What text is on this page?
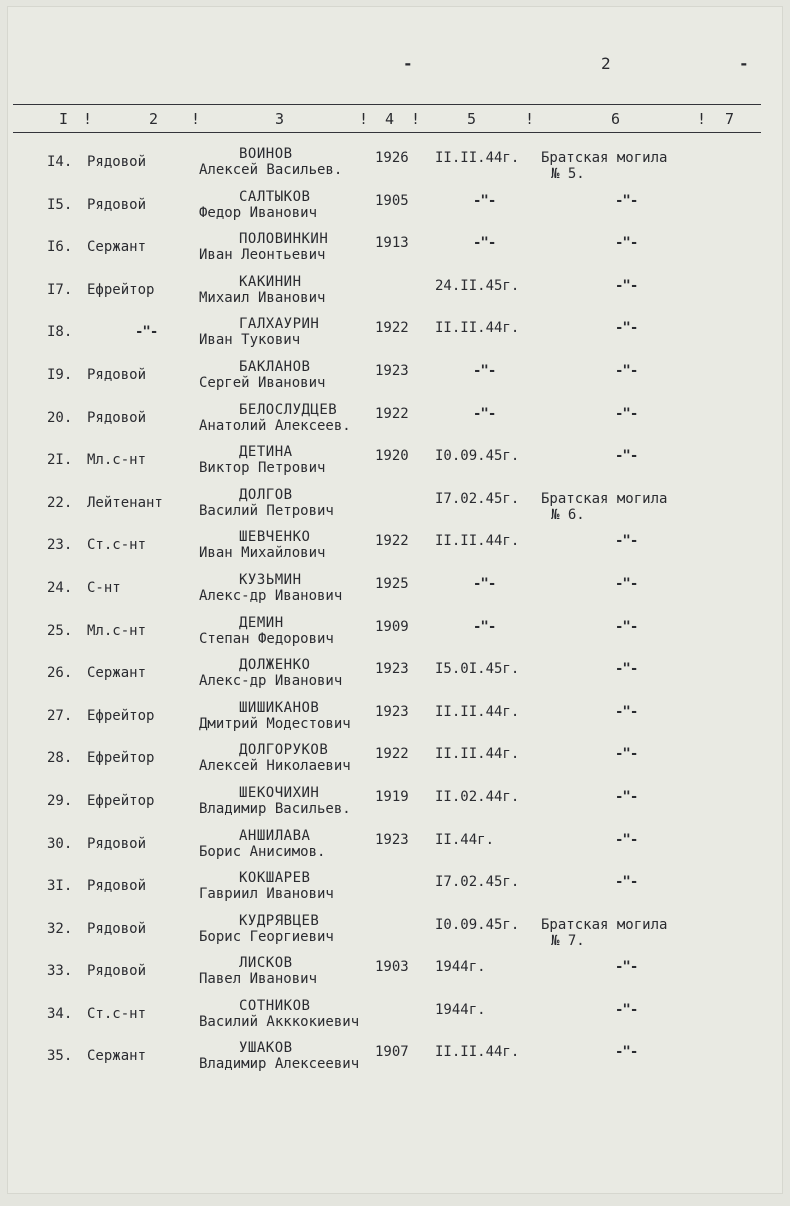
-	2	-
I	2	3	4	5	6	7
!	!	!	!	!	!
I4. Рядовой	ВОИНОВ
Алексей Васильев.
1926 II.II.44г. Братская могила
№ 5.
I5. Рядовой	САЛТЫКОВ
Федор Иванович
1905	-"-	-"-
I6. Сержант	ПОЛОВИНКИН
Иван Леонтьевич
1913	-"-	-"-
I7. Ефрейтор	КАКИНИН
Михаил Иванович
24.II.45г.	-"-
I8.	-"-	ГАЛХАУРИН
Иван Тукович
1922 II.II.44г.	-"-
I9. Рядовой	БАКЛАНОВ
Сергей Иванович
1923	-"-	-"-
20. Рядовой	БЕЛОСЛУДЦЕВ
Анатолий Алексеев.
1922	-"-	-"-
2I. Мл.с-нт	ДЕТИНА
Виктор Петрович
1920 I0.09.45г.	-"-
22. Лейтенант	ДОЛГОВ
Василий Петрович
I7.02.45г. Братская могила
№ 6.
23. Ст.с-нт	ШЕВЧЕНКО
Иван Михайлович
1922 II.II.44г.	-"-
24. С-нт	КУЗЬМИН
Алекс-др Иванович
1925	-"-	-"-
25. Мл.с-нт	ДЕМИН
Степан Федорович
1909	-"-	-"-
26. Сержант	ДОЛЖЕНКО
Алекс-др Иванович
1923 I5.0I.45г.	-"-
27. Ефрейтор	ШИШИКАНОВ
Дмитрий Модестович
1923 II.II.44г.	-"-
28. Ефрейтор	ДОЛГОРУКОВ
Алексей Николаевич
1922 II.II.44г.	-"-
29. Ефрейтор	ШЕКОЧИХИН
Владимир Васильев.
1919 II.02.44г.	-"-
30. Рядовой	АНШИЛАВА
Борис Анисимов.
1923 II.44г.	-"-
3I. Рядовой	КОКШАРЕВ
Гавриил Иванович
I7.02.45г.	-"-
32. Рядовой	КУДРЯВЦЕВ
Борис Георгиевич
I0.09.45г. Братская могила
№ 7.
33. Рядовой	ЛИСКОВ
Павел Иванович
1903 1944г.	-"-
34. Ст.с-нт	СОТНИКОВ
Василий Акккокиевич
1944г.	-"-
35. Сержант	УШАКОВ
Владимир Алексеевич
1907 II.II.44г.	-"-
